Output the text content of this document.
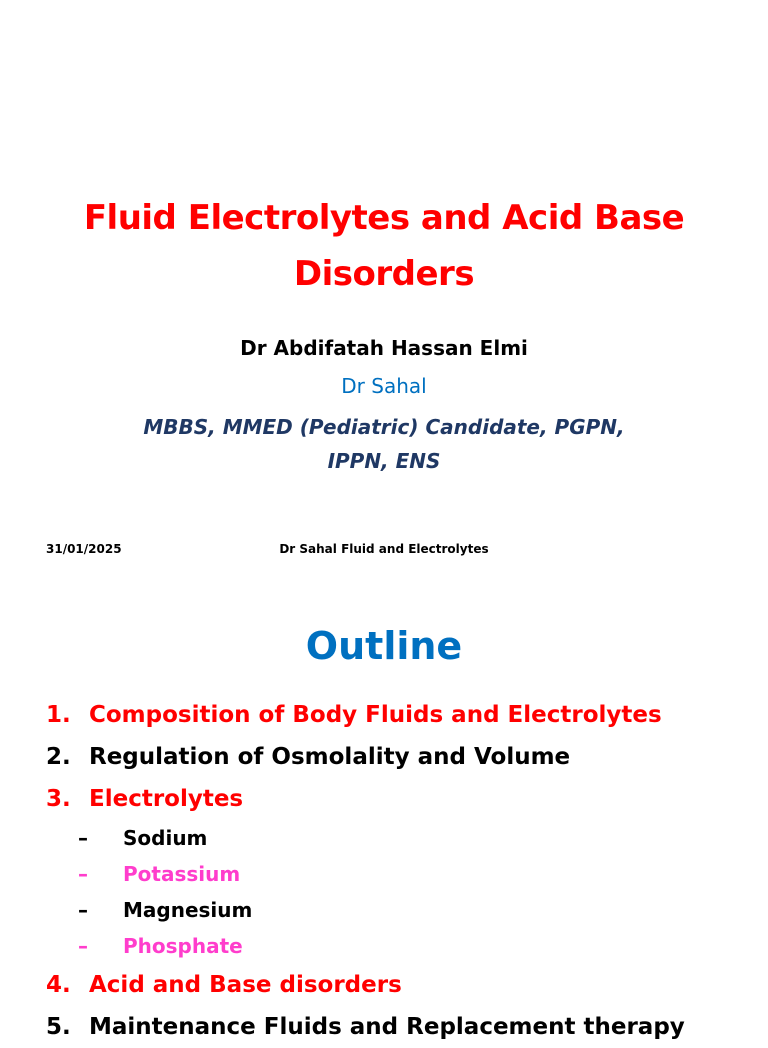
Fluid Electrolytes and Acid Base Disorders
Dr Abdifatah Hassan Elmi
Dr Sahal
MBBS, MMED (Pediatric) Candidate, PGPN, IPPN, ENS
31/01/2025	Dr Sahal Fluid and Electrolytes
Outline
1. Composition of Body Fluids and Electrolytes
2. Regulation of Osmolality and Volume
3. Electrolytes
– Sodium
– Potassium
– Magnesium
– Phosphate
4. Acid and Base disorders
5. Maintenance Fluids and Replacement therapy
